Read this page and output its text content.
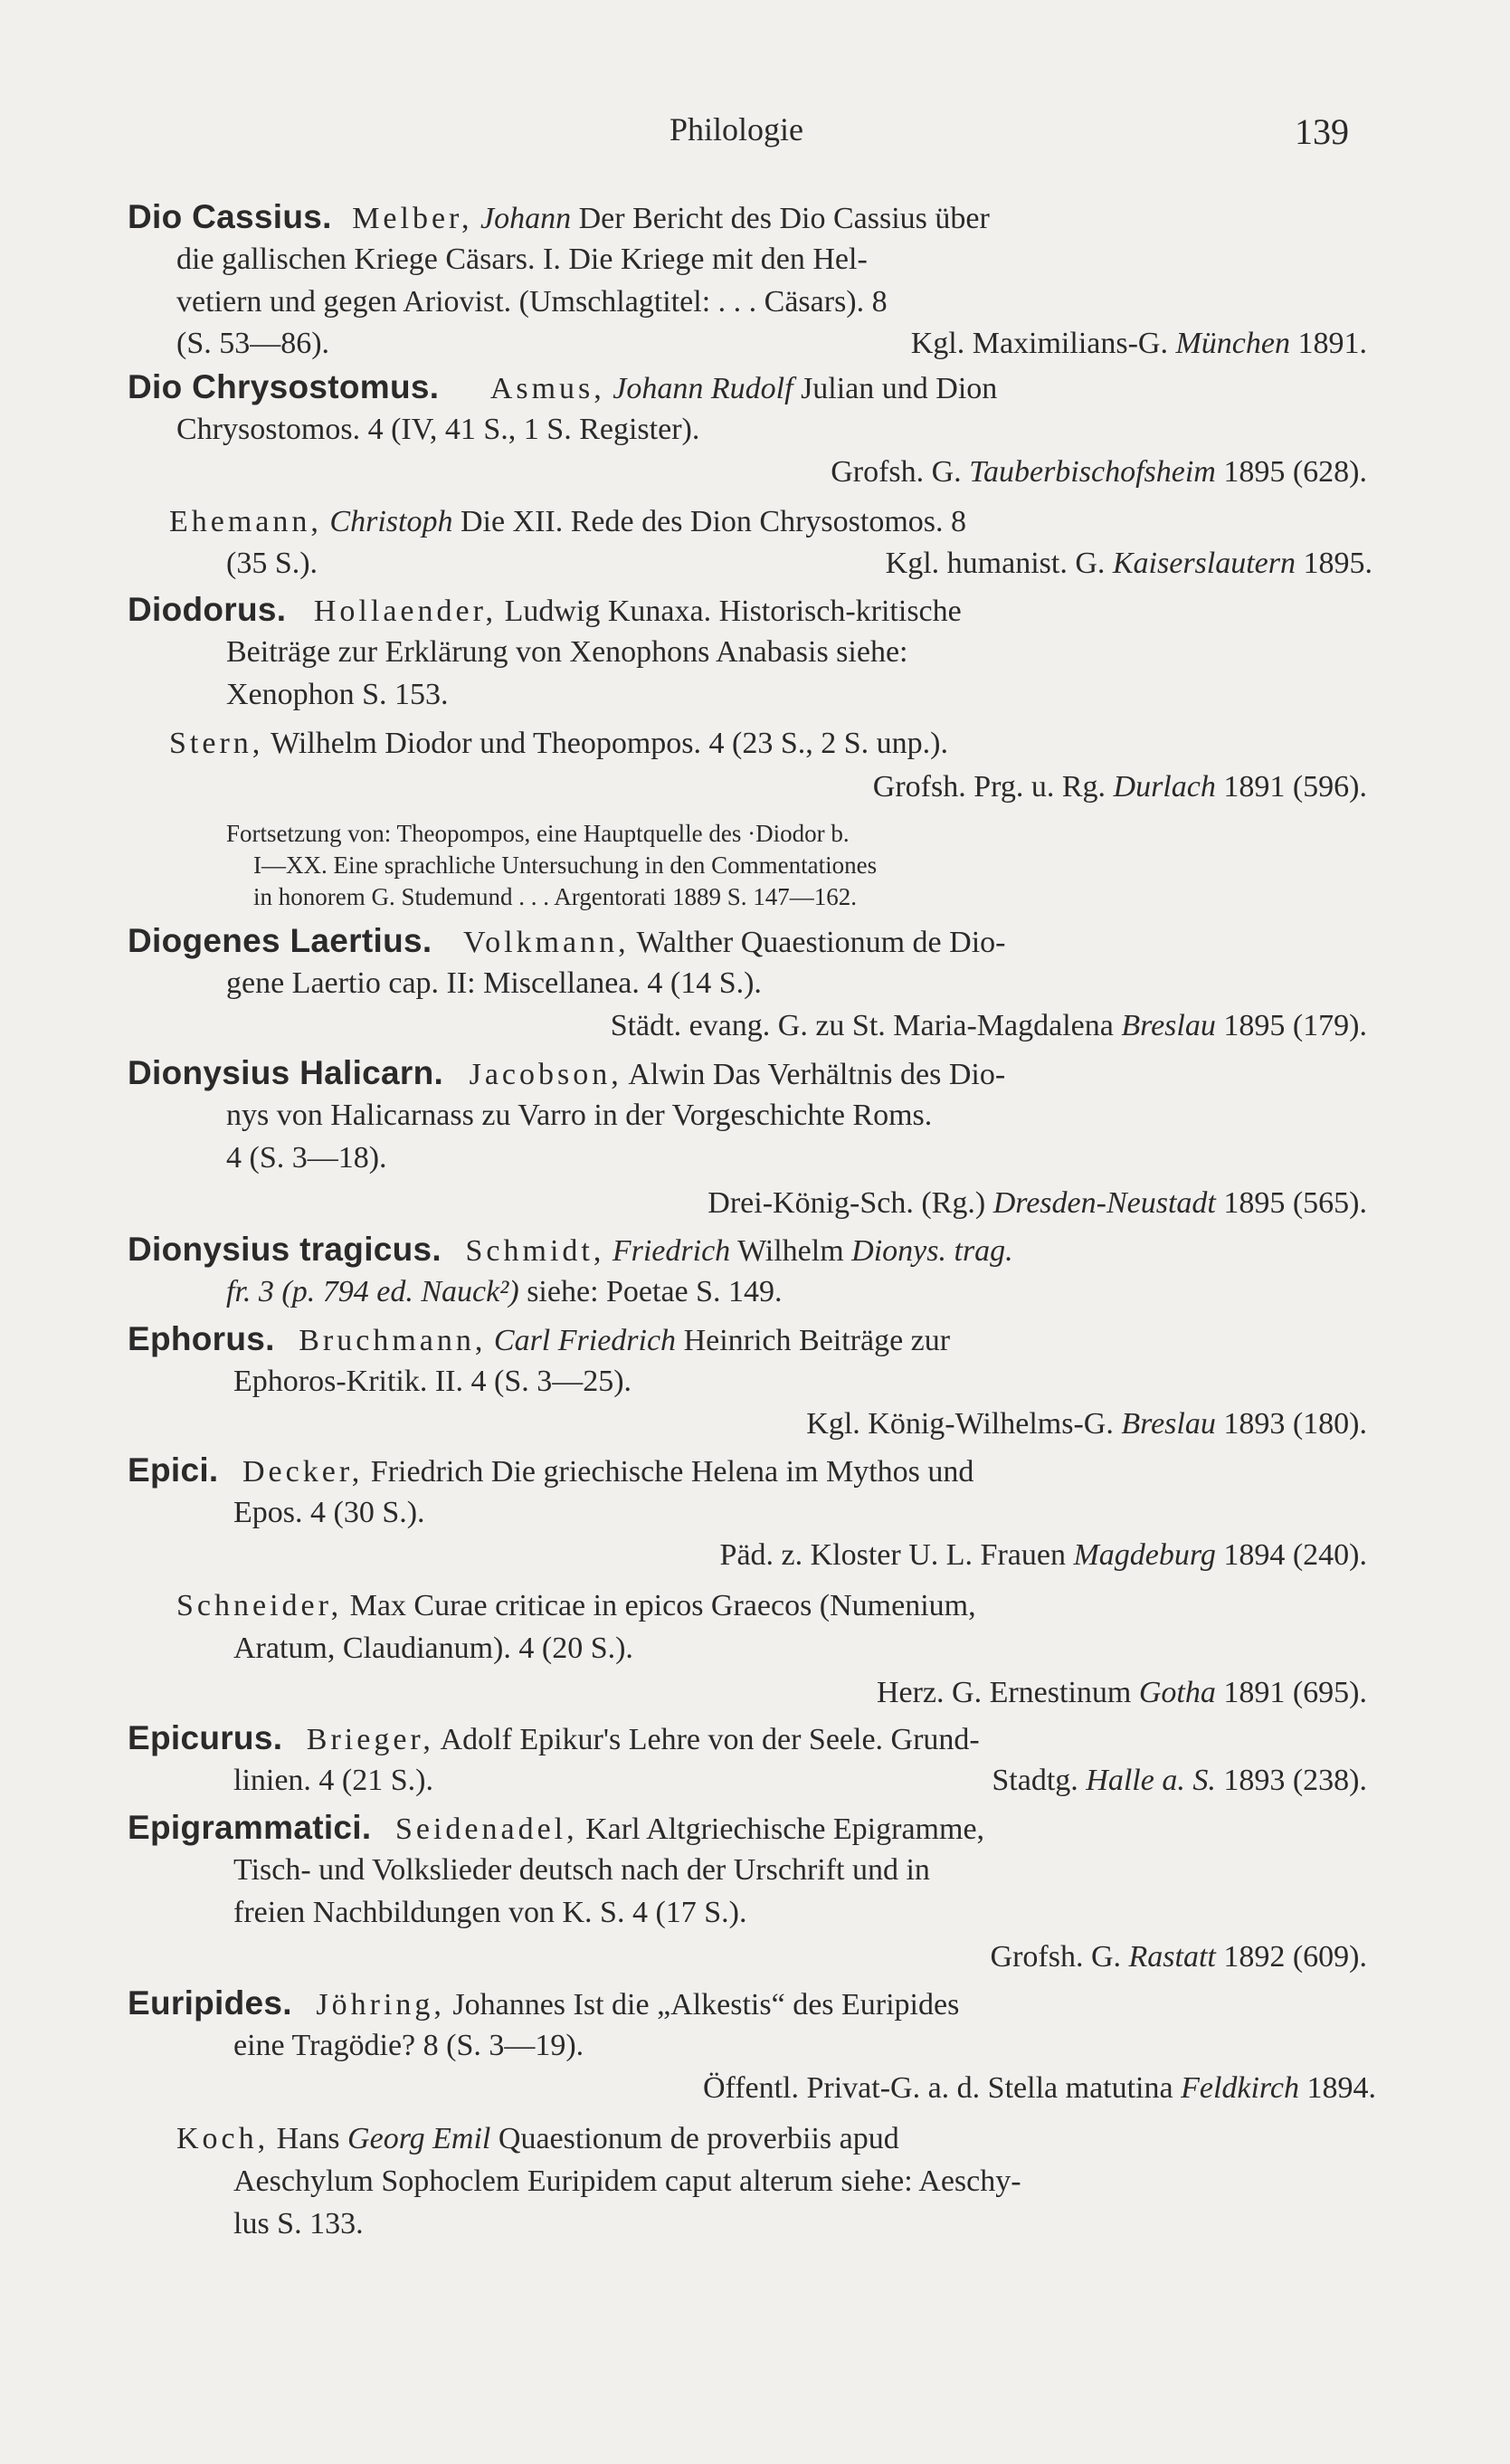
Philologie	139
Dio Cassius. Melber, Johann Der Bericht des Dio Cassius über
die gallischen Kriege Cäsars. I. Die Kriege mit den Hel-
vetiern und gegen Ariovist. (Umschlagtitel: . . . Cäsars). 8
(S. 53—86).	Kgl. Maximilians-G. München 1891.
Dio Chrysostomus. Asmus, Johann Rudolf Julian und Dion
Chrysostomos. 4 (IV, 41 S., 1 S. Register).
Grofsh. G. Tauberbischofsheim 1895 (628).
Ehemann, Christoph Die XII. Rede des Dion Chrysostomos. 8
(35 S.).	Kgl. humanist. G. Kaiserslautern 1895.
Diodorus. Hollaender, Ludwig Kunaxa. Historisch-kritische
Beiträge zur Erklärung von Xenophons Anabasis siehe:
Xenophon S. 153.
Stern, Wilhelm Diodor und Theopompos. 4 (23 S., 2 S. unp.).
Grofsh. Prg. u. Rg. Durlach 1891 (596).
Fortsetzung von: Theopompos, eine Hauptquelle des ·Diodor b.
I—XX. Eine sprachliche Untersuchung in den Commentationes
in honorem G. Studemund . . . Argentorati 1889 S. 147—162.
Diogenes Laertius. Volkmann, Walther Quaestionum de Dio-
gene Laertio cap. II: Miscellanea. 4 (14 S.).
Städt. evang. G. zu St. Maria-Magdalena Breslau 1895 (179).
Dionysius Halicarn. Jacobson, Alwin Das Verhältnis des Dio-
nys von Halicarnass zu Varro in der Vorgeschichte Roms.
4 (S. 3—18).
Drei-König-Sch. (Rg.) Dresden-Neustadt 1895 (565).
Dionysius tragicus. Schmidt, Friedrich Wilhelm Dionys. trag.
fr. 3 (p. 794 ed. Nauck²) siehe: Poetae S. 149.
Ephorus. Bruchmann, Carl Friedrich Heinrich Beiträge zur
Ephoros-Kritik. II. 4 (S. 3—25).
Kgl. König-Wilhelms-G. Breslau 1893 (180).
Epici. Decker, Friedrich Die griechische Helena im Mythos und
Epos. 4 (30 S.).
Päd. z. Kloster U. L. Frauen Magdeburg 1894 (240).
Schneider, Max Curae criticae in epicos Graecos (Numenium,
Aratum, Claudianum). 4 (20 S.).
Herz. G. Ernestinum Gotha 1891 (695).
Epicurus. Brieger, Adolf Epikur's Lehre von der Seele. Grund-
linien. 4 (21 S.).	Stadtg. Halle a. S. 1893 (238).
Epigrammatici. Seidenadel, Karl Altgriechische Epigramme,
Tisch- und Volkslieder deutsch nach der Urschrift und in
freien Nachbildungen von K. S. 4 (17 S.).
Grofsh. G. Rastatt 1892 (609).
Euripides. Jöhring, Johannes Ist die „Alkestis“ des Euripides
eine Tragödie? 8 (S. 3—19).
Öffentl. Privat-G. a. d. Stella matutina Feldkirch 1894.
Koch, Hans Georg Emil Quaestionum de proverbiis apud
Aeschylum Sophoclem Euripidem caput alterum siehe: Aeschy-
lus S. 133.
